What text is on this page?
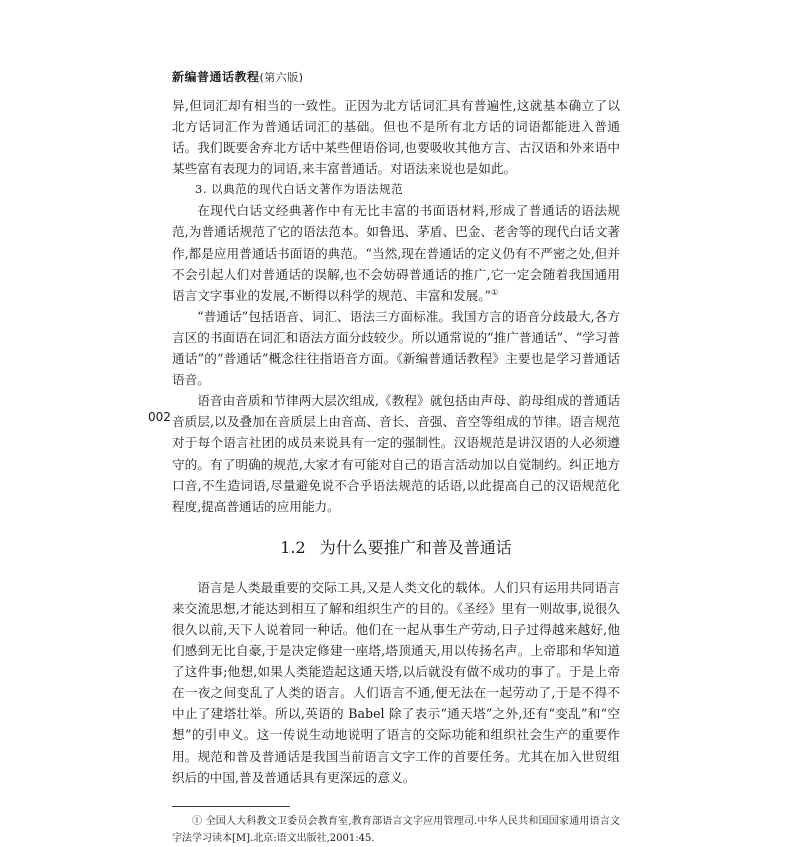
新编普通话教程(第六版)
002

异,但词汇却有相当的一致性。正因为北方话词汇具有普遍性,这就基本确立了以北方话词汇作为普通话词汇的基础。但也不是所有北方话的词语都能进入普通话。我们既要舍弃北方话中某些俚语俗词,也要吸收其他方言、古汉语和外来语中某些富有表现力的词语,来丰富普通话。对语法来说也是如此。

3. 以典范的现代白话文著作为语法规范

在现代白话文经典著作中有无比丰富的书面语材料,形成了普通话的语法规范,为普通话规范了它的语法范本。如鲁迅、茅盾、巴金、老舍等的现代白话文著作,都是应用普通话书面语的典范。“当然,现在普通话的定义仍有不严密之处,但并不会引起人们对普通话的误解,也不会妨碍普通话的推广,它一定会随着我国通用语言文字事业的发展,不断得以科学的规范、丰富和发展。”①

“普通话”包括语音、词汇、语法三方面标准。我国方言的语音分歧最大,各方言区的书面语在词汇和语法方面分歧较少。所以通常说的“推广普通话”、“学习普通话”的“普通话”概念往往指语音方面。《新编普通话教程》主要也是学习普通话语音。

语音由音质和节律两大层次组成,《教程》就包括由声母、韵母组成的普通话音质层,以及叠加在音质层上由音高、音长、音强、音空等组成的节律。语言规范对于每个语言社团的成员来说具有一定的强制性。汉语规范是讲汉语的人必须遵守的。有了明确的规范,大家才有可能对自己的语言活动加以自觉制约。纠正地方口音,不生造词语,尽量避免说不合乎语法规范的话语,以此提高自己的汉语规范化程度,提高普通话的应用能力。

1.2 为什么要推广和普及普通话

语言是人类最重要的交际工具,又是人类文化的载体。人们只有运用共同语言来交流思想,才能达到相互了解和组织生产的目的。《圣经》里有一则故事,说很久很久以前,天下人说着同一种话。他们在一起从事生产劳动,日子过得越来越好,他们感到无比自豪,于是决定修建一座塔,塔顶通天,用以传扬名声。上帝耶和华知道了这件事;他想,如果人类能造起这通天塔,以后就没有做不成功的事了。于是上帝在一夜之间变乱了人类的语言。人们语言不通,便无法在一起劳动了,于是不得不中止了建塔壮举。所以,英语的 Babel 除了表示“通天塔”之外,还有“变乱”和“空想”的引申义。这一传说生动地说明了语言的交际功能和组织社会生产的重要作用。规范和普及普通话是我国当前语言文字工作的首要任务。尤其在加入世贸组织后的中国,普及普通话具有更深远的意义。

① 全国人大科教文卫委员会教育室,教育部语言文字应用管理司.中华人民共和国国家通用语言文字法学习读本[M].北京:语文出版社,2001:45.
